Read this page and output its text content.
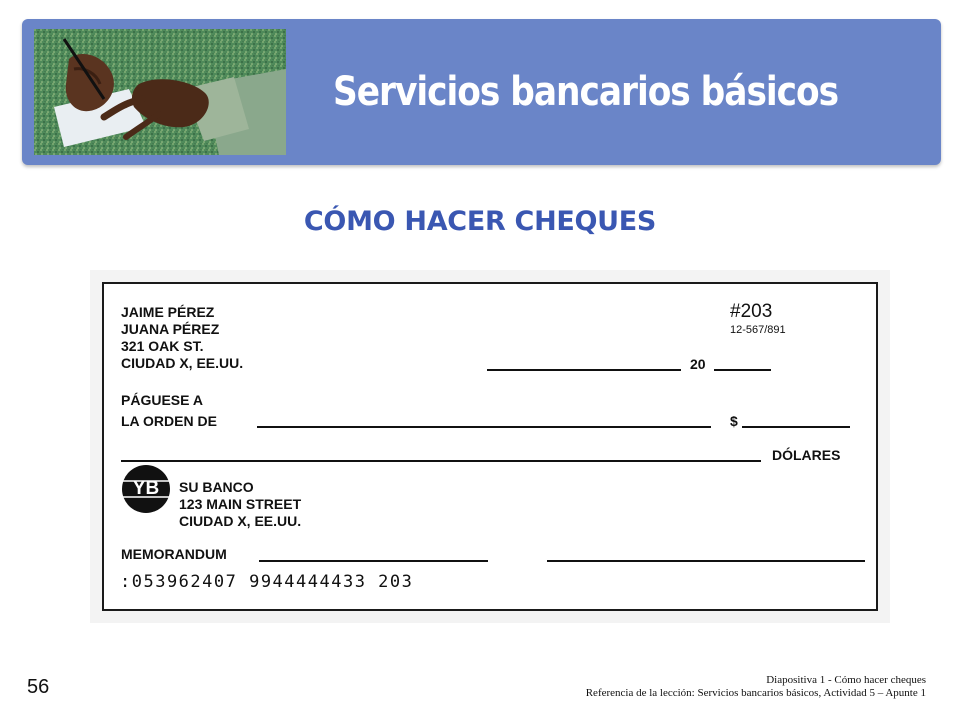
Servicios bancarios básicos
CÓMO HACER CHEQUES
JAIME PÉREZ
JUANA PÉREZ
321 OAK ST.
CIUDAD X, EE.UU.
#203
12-567/891
20
PÁGUESE A
LA ORDEN DE	$
DÓLARES
YB	SU BANCO
123 MAIN STREET
CIUDAD X, EE.UU.
MEMORANDUM
:053962407 9944444433 203
56	Diapositiva 1 - Cómo hacer cheques
Referencia de la lección: Servicios bancarios básicos, Actividad 5 – Apunte 1
